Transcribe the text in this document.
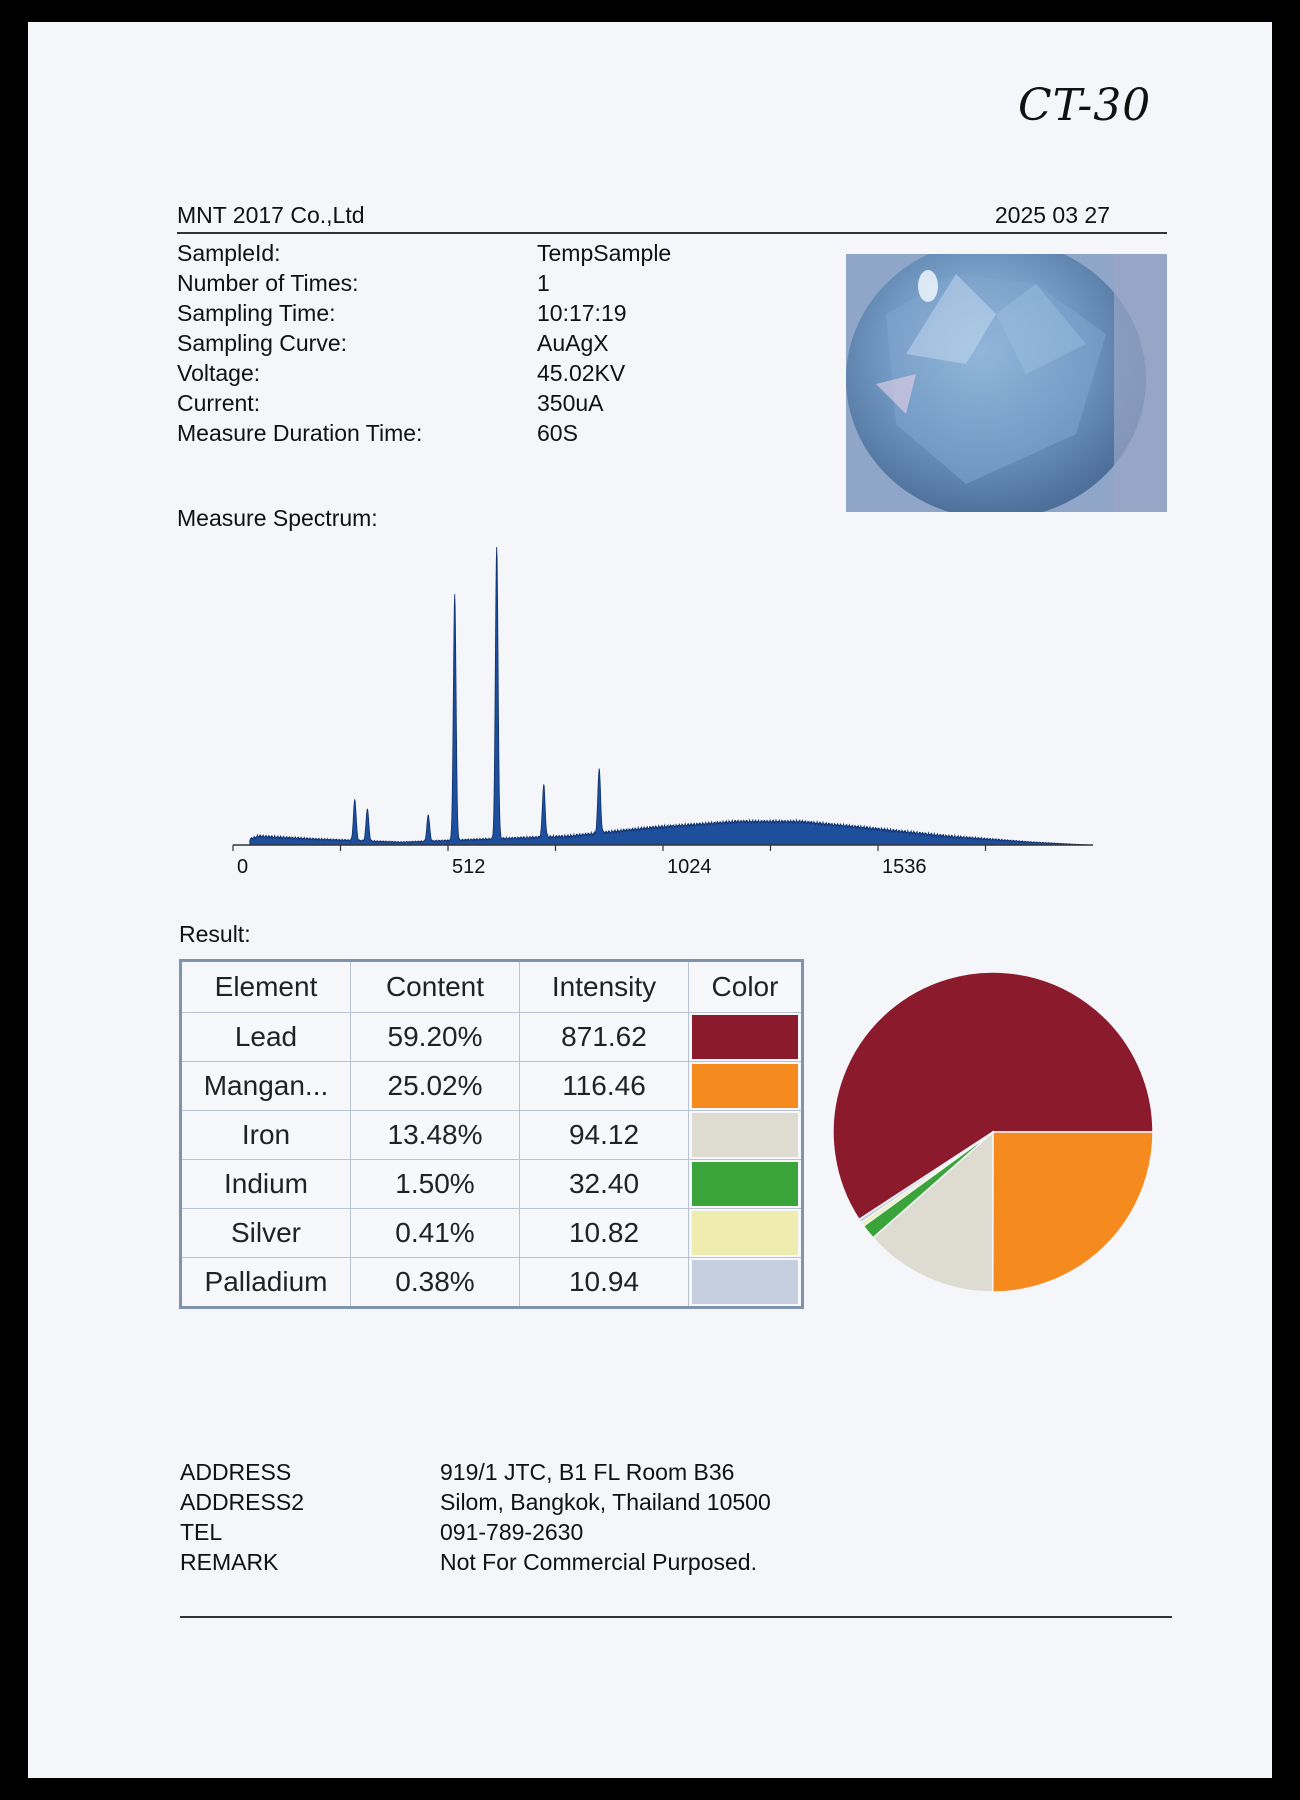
CT-30
MNT 2017 Co.,Ltd	2025 03 27
SampleId:	TempSample
Number of Times:	1
Sampling Time:	10:17:19
Sampling Curve:	AuAgX
Voltage:	45.02KV
Current:	350uA
Measure Duration Time:	60S
Measure Spectrum:
0	512	1024	1536
Result:
Element	Content	Intensity	Color
Lead	59.20%	871.62	

Mangan...	25.02%	116.46	

Iron	13.48%	94.12	

Indium	1.50%	32.40	

Silver	0.41%	10.82	

Palladium	0.38%	10.94	
ADDRESS	919/1 JTC, B1 FL Room B36
ADDRESS2	Silom, Bangkok, Thailand 10500
TEL	091-789-2630
REMARK	Not For Commercial Purposed.
